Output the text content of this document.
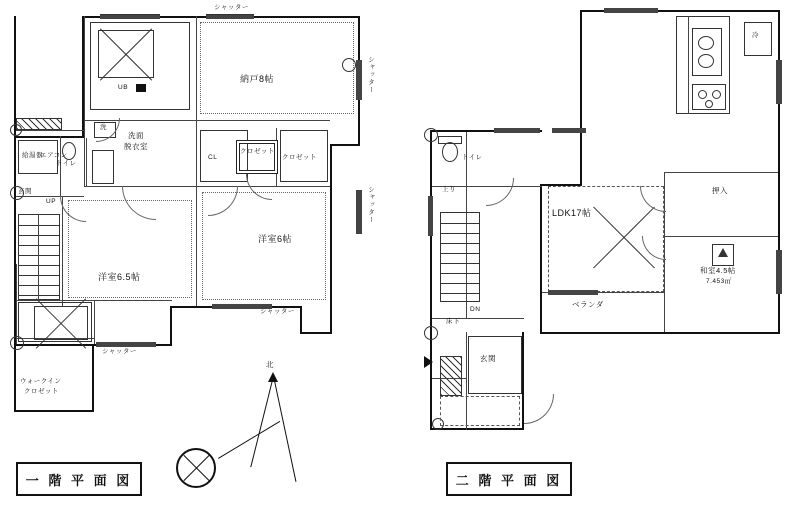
納戸8帖
UB
洗面
脱衣室
洗
トイレ
給湯器
エアコン
玄関
UP
洋室6帖
洋室6.5帖
CL
クロゼット
クロゼット
ウォークイン
クロゼット
シャッター
シャッター
シャッター
シャッター
シャッター
一 階 平 面 図
北
冷
LDK17帖
押入
和室4.5帖
7.453㎡
ベランダ
玄関
トイレ
上り
DN
床下
二 階 平 面 図
